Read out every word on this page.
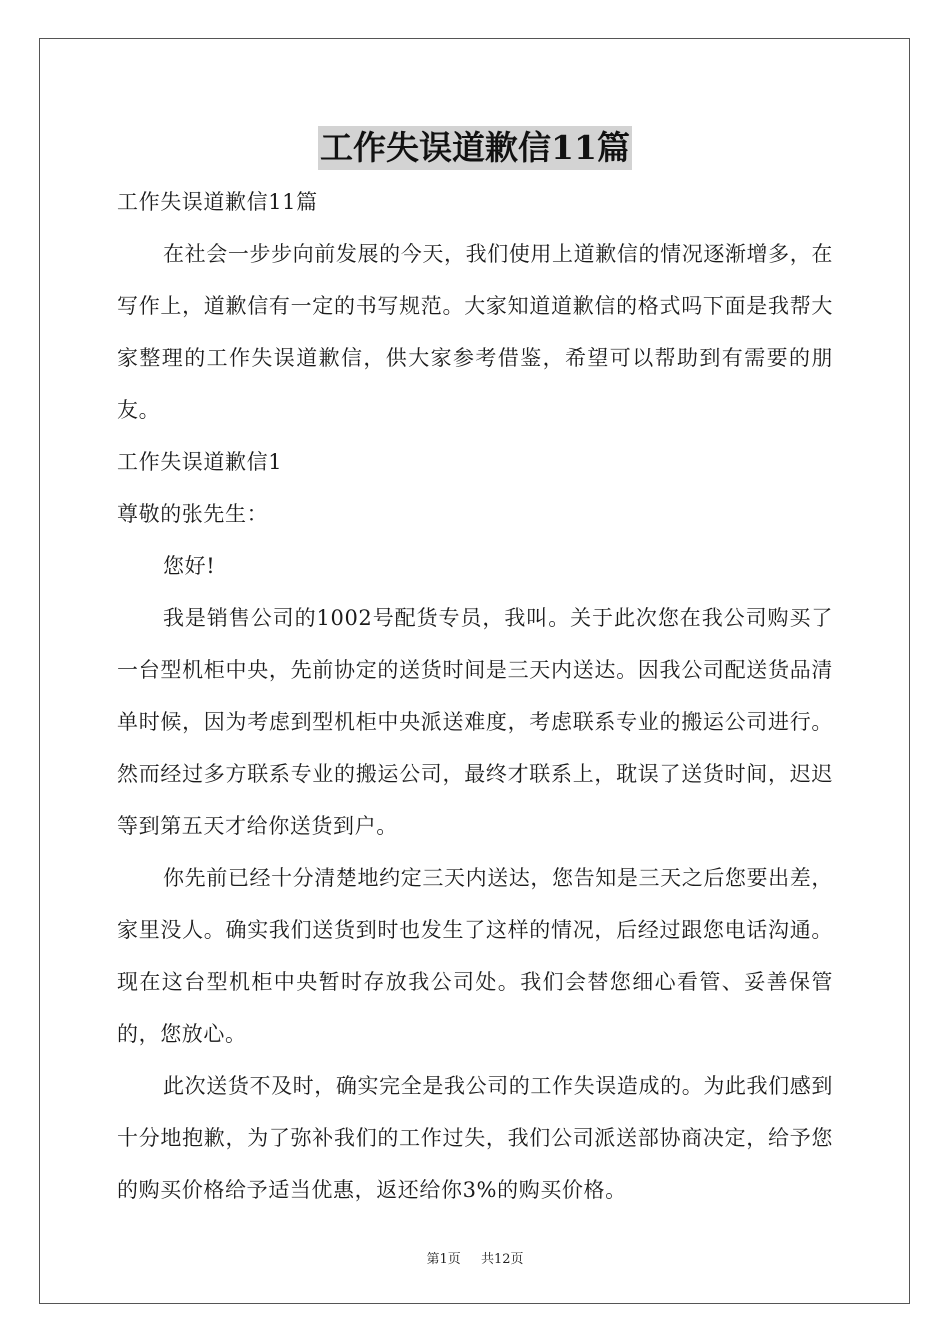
工作失误道歉信11篇

工作失误道歉信11篇

在社会一步步向前发展的今天，我们使用上道歉信的情况逐渐增多，在写作上，道歉信有一定的书写规范。大家知道道歉信的格式吗下面是我帮大家整理的工作失误道歉信，供大家参考借鉴，希望可以帮助到有需要的朋友。

工作失误道歉信1

尊敬的张先生：

您好!

我是销售公司的1002号配货专员，我叫。关于此次您在我公司购买了一台型机柜中央，先前协定的送货时间是三天内送达。因我公司配送货品清单时候，因为考虑到型机柜中央派送难度，考虑联系专业的搬运公司进行。然而经过多方联系专业的搬运公司，最终才联系上，耽误了送货时间，迟迟等到第五天才给你送货到户。

你先前已经十分清楚地约定三天内送达，您告知是三天之后您要出差，家里没人。确实我们送货到时也发生了这样的情况，后经过跟您电话沟通。现在这台型机柜中央暂时存放我公司处。我们会替您细心看管、妥善保管的，您放心。

此次送货不及时，确实完全是我公司的工作失误造成的。为此我们感到十分地抱歉，为了弥补我们的工作过失，我们公司派送部协商决定，给予您的购买价格给予适当优惠，返还给你3%的购买价格。

第1页 共12页
